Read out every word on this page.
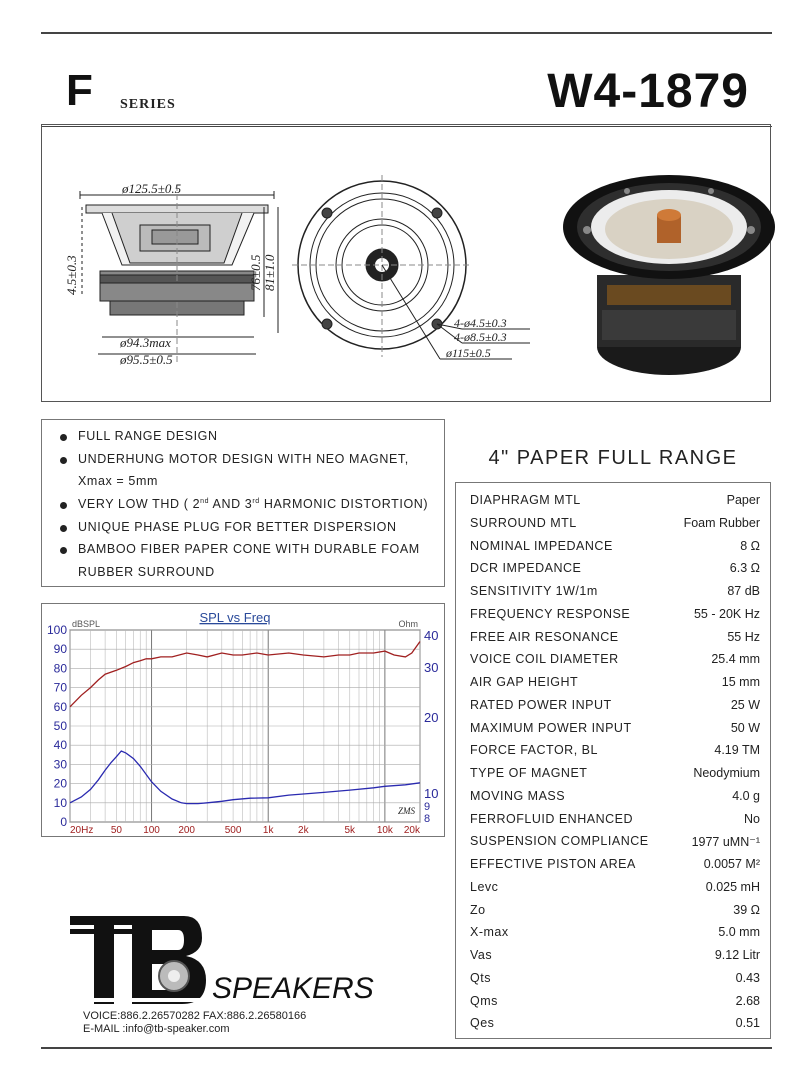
F SERIES	W4-1879
ø125.5±0.5
4.5±0.3	76±0.5 81±1.0
ø94.3max
ø95.5±0.5
4-ø4.5±0.3
4-ø8.5±0.3
ø115±0.5
FULL RANGE DESIGN
UNDERHUNG MOTOR DESIGN WITH NEO MAGNET,
Xmax = 5mm
VERY LOW THD ( 2nd AND 3rd HARMONIC DISTORTION)
UNIQUE PHASE PLUG FOR BETTER DISPERSION
BAMBOO FIBER PAPER CONE WITH DURABLE FOAM
RUBBER SURROUND
4" PAPER FULL RANGE
DIAPHRAGM MTL	Paper
SURROUND MTL	Foam Rubber
NOMINAL IMPEDANCE	8 Ω
DCR IMPEDANCE	6.3 Ω
SENSITIVITY 1W/1m	87 dB
FREQUENCY RESPONSE	55 - 20K Hz
FREE AIR RESONANCE	55 Hz
VOICE COIL DIAMETER	25.4 mm
AIR GAP HEIGHT	15 mm
RATED POWER INPUT	25 W
MAXIMUM POWER INPUT	50 W
FORCE FACTOR, BL	4.19 TM
TYPE OF MAGNET	Neodymium
MOVING MASS	4.0 g
FERROFLUID ENHANCED	No
SUSPENSION COMPLIANCE	1977 uMN⁻¹
EFFECTIVE PISTON AREA	0.0057 M²
Levc	0.025 mH
Zo	39 Ω
X-max	5.0 mm
Vas	9.12 Litr
Qts	0.43
Qms	2.68
Qes	0.51
SPL vs Freq
dBSPL	Ohm
0
10
20
30
40
50
60
70
80
90
100
8
9
10
20
30
40
20Hz 50 100 200	500 1k 2k	5k 10k 20k
ZMS
SPEAKERS
VOICE:886.2.26570282 FAX:886.2.26580166
E-MAIL :info@tb-speaker.com
